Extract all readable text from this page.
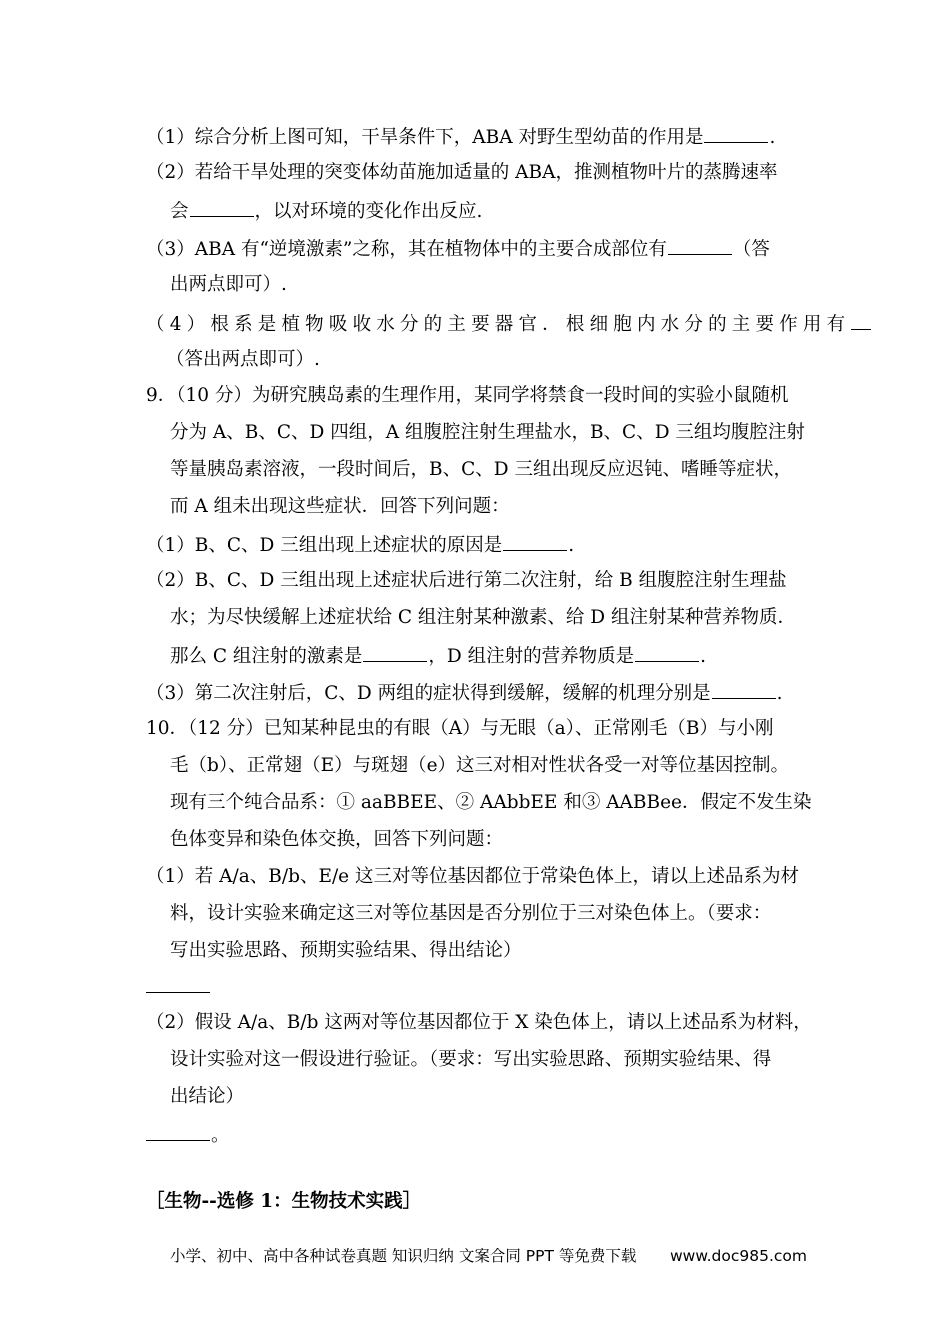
（1）综合分析上图可知，干旱条件下，ABA 对野生型幼苗的作用是	.
（2）若给干旱处理的突变体幼苗施加适量的 ABA，推测植物叶片的蒸腾速率
会	，以对环境的变化作出反应.
（3）ABA 有“逆境激素”之称，其在植物体中的主要合成部位有	（答
出两点即可）.
（4）根系是植物吸收水分的主要器官．根细胞内水分的主要作用有
（答出两点即可）.
9．（10 分）为研究胰岛素的生理作用，某同学将禁食一段时间的实验小鼠随机
分为 A、B、C、D 四组，A 组腹腔注射生理盐水，B、C、D 三组均腹腔注射
等量胰岛素溶液，一段时间后，B、C、D 三组出现反应迟钝、嗜睡等症状，
而 A 组未出现这些症状．回答下列问题：
（1）B、C、D 三组出现上述症状的原因是	.
（2）B、C、D 三组出现上述症状后进行第二次注射，给 B 组腹腔注射生理盐
水；为尽快缓解上述症状给 C 组注射某种激素、给 D 组注射某种营养物质．
那么 C 组注射的激素是	，D 组注射的营养物质是	.
（3）第二次注射后，C、D 两组的症状得到缓解，缓解的机理分别是	.
10．（12 分）已知某种昆虫的有眼（A）与无眼（a）、正常刚毛（B）与小刚
毛（b）、正常翅（E）与斑翅（e）这三对相对性状各受一对等位基因控制。
现有三个纯合品系：① aaBBEE、② AAbbEE 和③ AABBee．假定不发生染
色体变异和染色体交换，回答下列问题：
（1）若 A/a、B/b、E/e 这三对等位基因都位于常染色体上，请以上述品系为材
料，设计实验来确定这三对等位基因是否分别位于三对染色体上。（要求：
写出实验思路、预期实验结果、得出结论）
（2）假设 A/a、B/b 这两对等位基因都位于 X 染色体上，请以上述品系为材料，
设计实验对这一假设进行验证。（要求：写出实验思路、预期实验结果、得
出结论）
。
［生物--选修 1：生物技术实践］
小学、初中、高中各种试卷真题 知识归纳 文案合同 PPT 等免费下载 www.doc985.com
